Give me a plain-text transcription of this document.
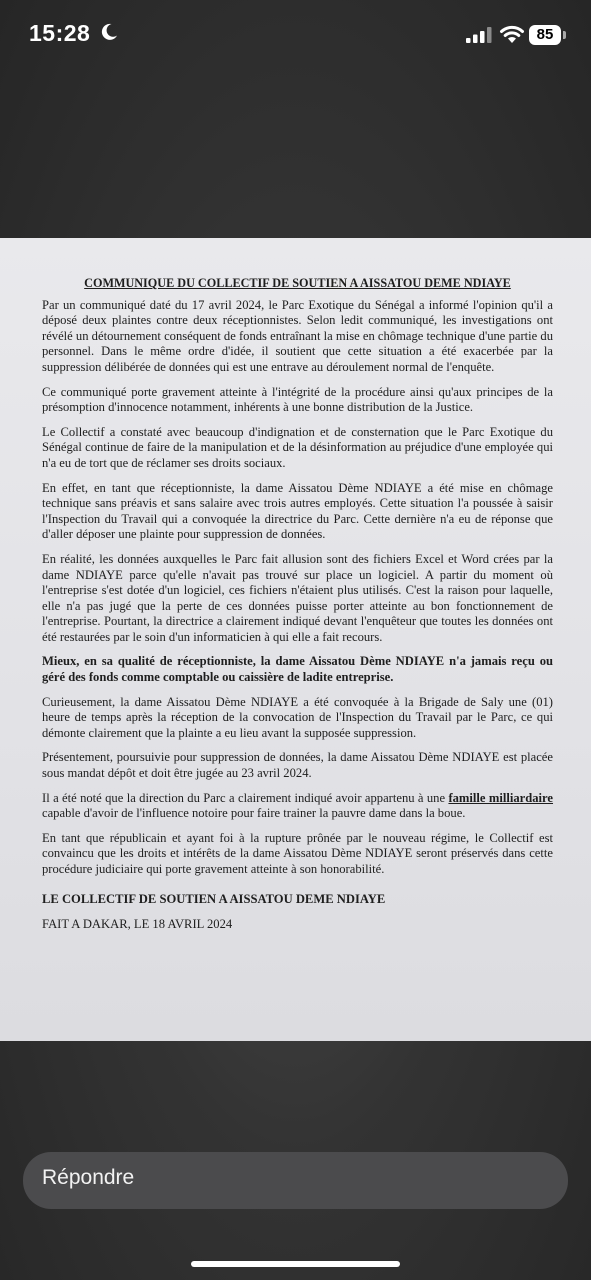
15:28	85
COMMUNIQUE DU COLLECTIF DE SOUTIEN A AISSATOU DEME NDIAYE

Par un communiqué daté du 17 avril 2024, le Parc Exotique du Sénégal a informé l'opinion qu'il a déposé deux plaintes contre deux réceptionnistes. Selon ledit communiqué, les investigations ont révélé un détournement conséquent de fonds entraînant la mise en chômage technique d'une partie du personnel. Dans le même ordre d'idée, il soutient que cette situation a été exacerbée par la suppression délibérée de données qui est une entrave au déroulement normal de l'enquête.

Ce communiqué porte gravement atteinte à l'intégrité de la procédure ainsi qu'aux principes de la présomption d'innocence notamment, inhérents à une bonne distribution de la Justice.

Le Collectif a constaté avec beaucoup d'indignation et de consternation que le Parc Exotique du Sénégal continue de faire de la manipulation et de la désinformation au préjudice d'une employée qui n'a eu de tort que de réclamer ses droits sociaux.

En effet, en tant que réceptionniste, la dame Aissatou Dème NDIAYE a été mise en chômage technique sans préavis et sans salaire avec trois autres employés. Cette situation l'a poussée à saisir l'Inspection du Travail qui a convoquée la directrice du Parc. Cette dernière n'a eu de réponse que d'aller déposer une plainte pour suppression de données.

En réalité, les données auxquelles le Parc fait allusion sont des fichiers Excel et Word crées par la dame NDIAYE parce qu'elle n'avait pas trouvé sur place un logiciel. A partir du moment où l'entreprise s'est dotée d'un logiciel, ces fichiers n'étaient plus utilisés. C'est la raison pour laquelle, elle n'a pas jugé que la perte de ces données puisse porter atteinte au bon fonctionnement de l'entreprise. Pourtant, la directrice a clairement indiqué devant l'enquêteur que toutes les données ont été restaurées par le soin d'un informaticien à qui elle a fait recours.

Mieux, en sa qualité de réceptionniste, la dame Aissatou Dème NDIAYE n'a jamais reçu ou géré des fonds comme comptable ou caissière de ladite entreprise.

Curieusement, la dame Aissatou Dème NDIAYE a été convoquée à la Brigade de Saly une (01) heure de temps après la réception de la convocation de l'Inspection du Travail par le Parc, ce qui démonte clairement que la plainte a eu lieu avant la supposée suppression.

Présentement, poursuivie pour suppression de données, la dame Aissatou Dème NDIAYE est placée sous mandat dépôt et doit être jugée au 23 avril 2024.

Il a été noté que la direction du Parc a clairement indiqué avoir appartenu à une famille milliardaire capable d'avoir de l'influence notoire pour faire trainer la pauvre dame dans la boue.

En tant que républicain et ayant foi à la rupture prônée par le nouveau régime, le Collectif est convaincu que les droits et intérêts de la dame Aissatou Dème NDIAYE seront préservés dans cette procédure judiciaire qui porte gravement atteinte à son honorabilité.

LE COLLECTIF DE SOUTIEN A AISSATOU DEME NDIAYE
FAIT A DAKAR, LE 18 AVRIL 2024
Répondre
